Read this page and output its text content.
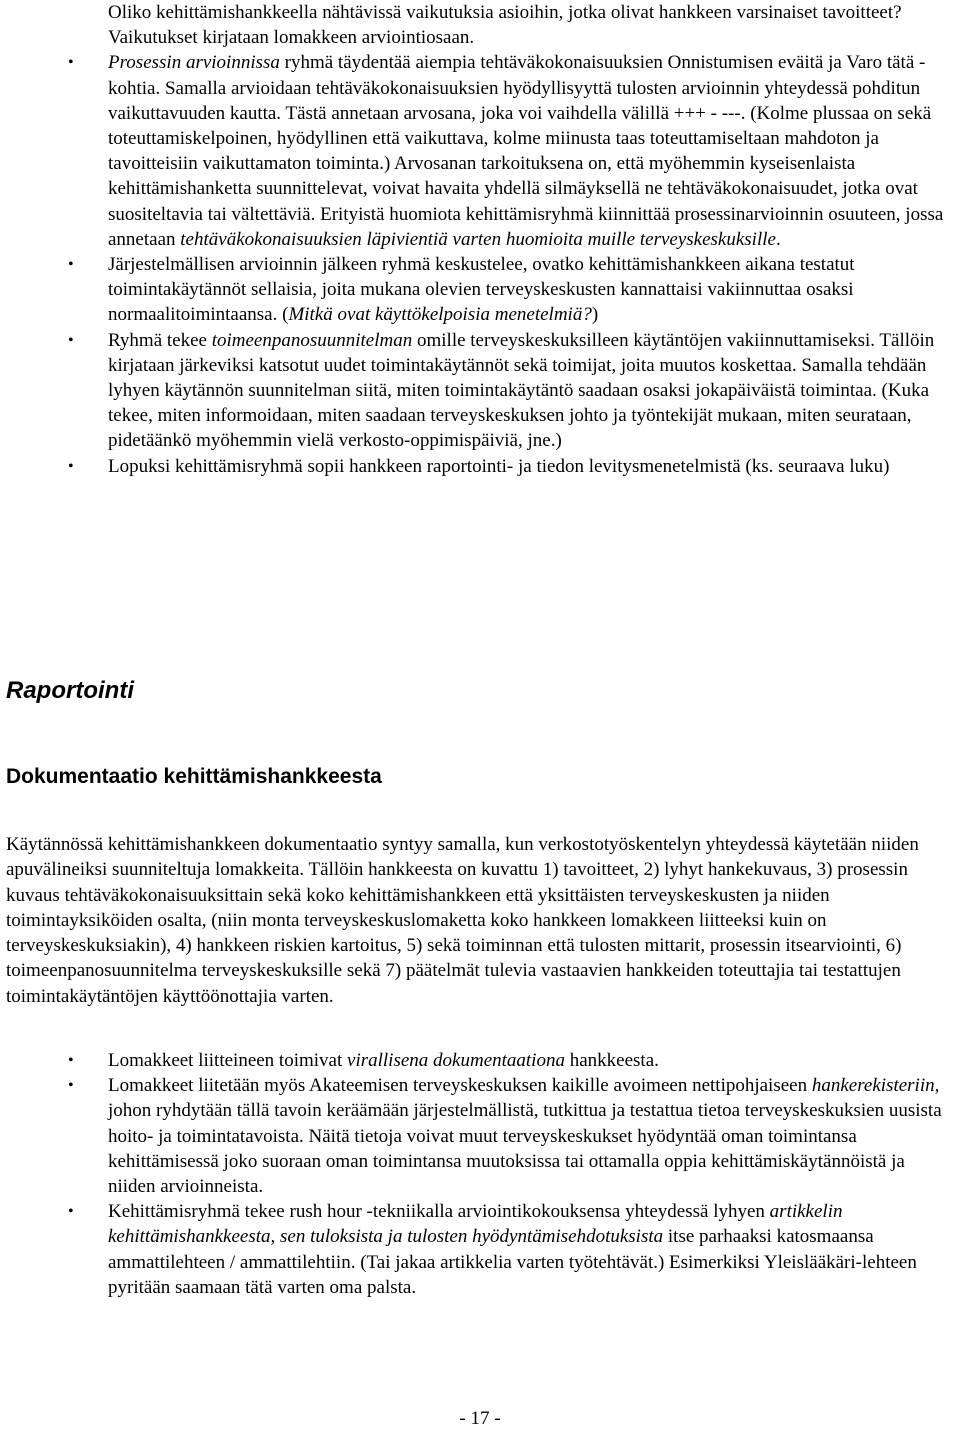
Oliko kehittämishankkeella nähtävissä vaikutuksia asioihin, jotka olivat hankkeen varsinaiset tavoitteet? Vaikutukset kirjataan lomakkeen arviointiosaan.

• Prosessin arvioinnissa ryhmä täydentää aiempia tehtäväkokonaisuuksien Onnistumisen eväitä ja Varo tätä -kohtia. Samalla arvioidaan tehtäväkokonaisuuksien hyödyllisyyttä tulosten arvioinnin yhteydessä pohditun vaikuttavuuden kautta. Tästä annetaan arvosana, joka voi vaihdella välillä +++ - ---. (Kolme plussaa on sekä toteuttamiskelpoinen, hyödyllinen että vaikuttava, kolme miinusta taas toteuttamiseltaan mahdoton ja tavoitteisiin vaikuttamaton toiminta.) Arvosanan tarkoituksena on, että myöhemmin kyseisenlaista kehittämishanketta suunnittelevat, voivat havaita yhdellä silmäyksellä ne tehtäväkokonaisuudet, jotka ovat suositeltavia tai vältettäviä. Erityistä huomiota kehittämisryhmä kiinnittää prosessinarvioinnin osuuteen, jossa annetaan tehtäväkokonaisuuksien läpivientiä varten huomioita muille terveyskeskuksille.

• Järjestelmällisen arvioinnin jälkeen ryhmä keskustelee, ovatko kehittämishankkeen aikana testatut toimintakäytännöt sellaisia, joita mukana olevien terveyskeskusten kannattaisi vakiinnuttaa osaksi normaalitoimintaansa. (Mitkä ovat käyttökelpoisia menetelmiä?)

• Ryhmä tekee toimeenpanosuunnitelman omille terveyskeskuksilleen käytäntöjen vakiinnuttamiseksi. Tällöin kirjataan järkeviksi katsotut uudet toimintakäytännöt sekä toimijat, joita muutos koskettaa. Samalla tehdään lyhyen käytännön suunnitelman siitä, miten toimintakäytäntö saadaan osaksi jokapäiväistä toimintaa. (Kuka tekee, miten informoidaan, miten saadaan terveyskeskuksen johto ja työntekijät mukaan, miten seurataan, pidetäänkö myöhemmin vielä verkosto-oppimispäiviä, jne.)

• Lopuksi kehittämisryhmä sopii hankkeen raportointi- ja tiedon levitysmenetelmistä (ks. seuraava luku)

Raportointi
Dokumentaatio kehittämishankkeesta

Käytännössä kehittämishankkeen dokumentaatio syntyy samalla, kun verkostotyöskentelyn yhteydessä käytetään niiden apuvälineiksi suunniteltuja lomakkeita. Tällöin hankkeesta on kuvattu 1) tavoitteet, 2) lyhyt hankekuvaus, 3) prosessin kuvaus tehtäväkokonaisuuksittain sekä koko kehittämishankkeen että yksittäisten terveyskeskusten ja niiden toimintayksiköiden osalta, (niin monta terveyskeskuslomaketta koko hankkeen lomakkeen liitteeksi kuin on terveyskeskuksiakin), 4) hankkeen riskien kartoitus, 5) sekä toiminnan että tulosten mittarit, prosessin itsearviointi, 6) toimeenpanosuunnitelma terveyskeskuksille sekä 7) päätelmät tulevia vastaavien hankkeiden toteuttajia tai testattujen toimintakäytäntöjen käyttöönottajia varten.

• Lomakkeet liitteineen toimivat virallisena dokumentaationa hankkeesta.

• Lomakkeet liitetään myös Akateemisen terveyskeskuksen kaikille avoimeen nettipohjaiseen hankerekisteriin, johon ryhdytään tällä tavoin keräämään järjestelmällistä, tutkittua ja testattua tietoa terveyskeskuksien uusista hoito- ja toimintatavoista. Näitä tietoja voivat muut terveyskeskukset hyödyntää oman toimintansa kehittämisessä joko suoraan oman toimintansa muutoksissa tai ottamalla oppia kehittämiskäytännöistä ja niiden arvioinneista.

• Kehittämisryhmä tekee rush hour -tekniikalla arviointikokouksensa yhteydessä lyhyen artikkelin kehittämishankkeesta, sen tuloksista ja tulosten hyödyntämisehdotuksista itse parhaaksi katosmaansa ammattilehteen / ammattilehtiin. (Tai jakaa artikkelia varten työtehtävät.) Esimerkiksi Yleislääkäri-lehteen pyritään saamaan tätä varten oma palsta.

- 17 -
